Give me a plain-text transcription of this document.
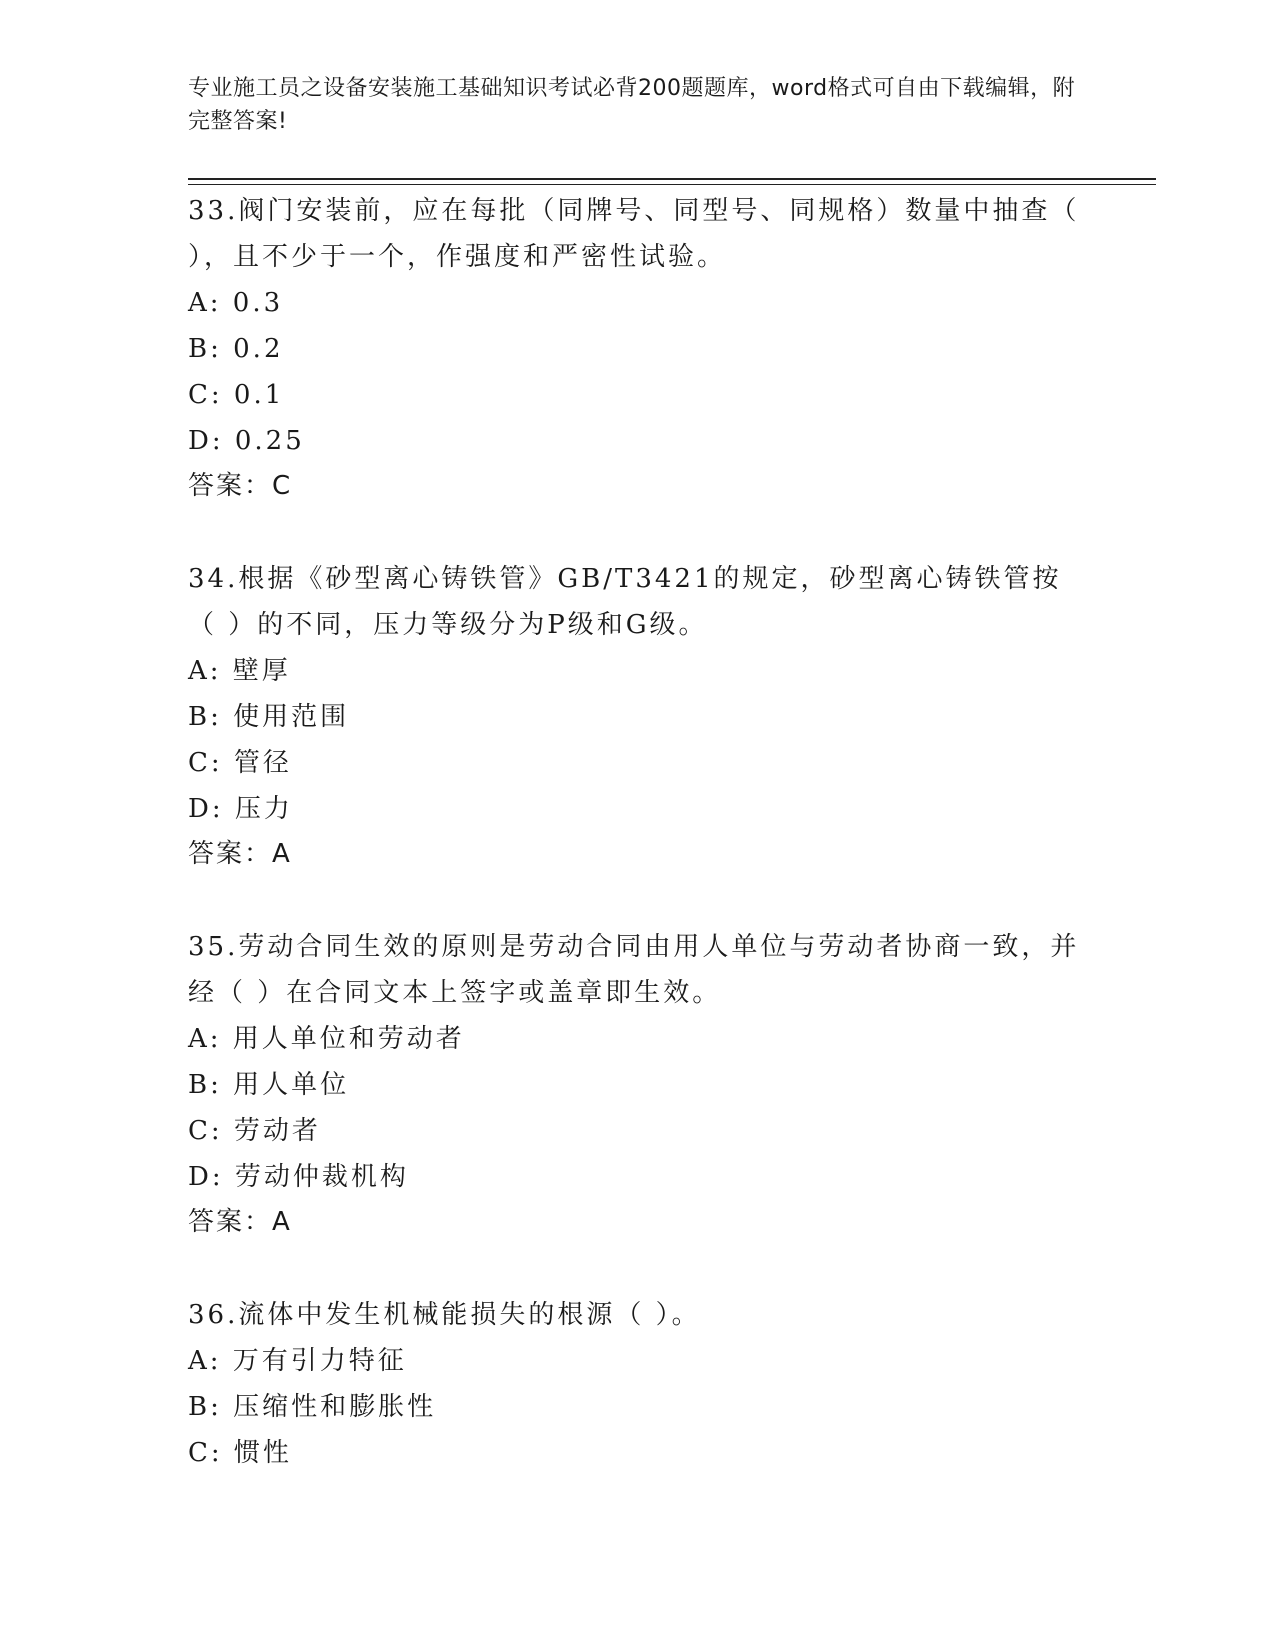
专业施工员之设备安装施工基础知识考试必背200题题库，word格式可自由下载编辑，附完整答案!
33.阀门安装前，应在每批（同牌号、同型号、同规格）数量中抽查（ ），且不少于一个，作强度和严密性试验。
A: 0.3
B: 0.2
C: 0.1
D: 0.25
答案：C
34.根据《砂型离心铸铁管》GB/T3421的规定，砂型离心铸铁管按（ ）的不同，压力等级分为P级和G级。
A: 壁厚
B: 使用范围
C: 管径
D: 压力
答案：A
35.劳动合同生效的原则是劳动合同由用人单位与劳动者协商一致，并经（ ）在合同文本上签字或盖章即生效。
A: 用人单位和劳动者
B: 用人单位
C: 劳动者
D: 劳动仲裁机构
答案：A
36.流体中发生机械能损失的根源（ ）。
A: 万有引力特征
B: 压缩性和膨胀性
C: 惯性
